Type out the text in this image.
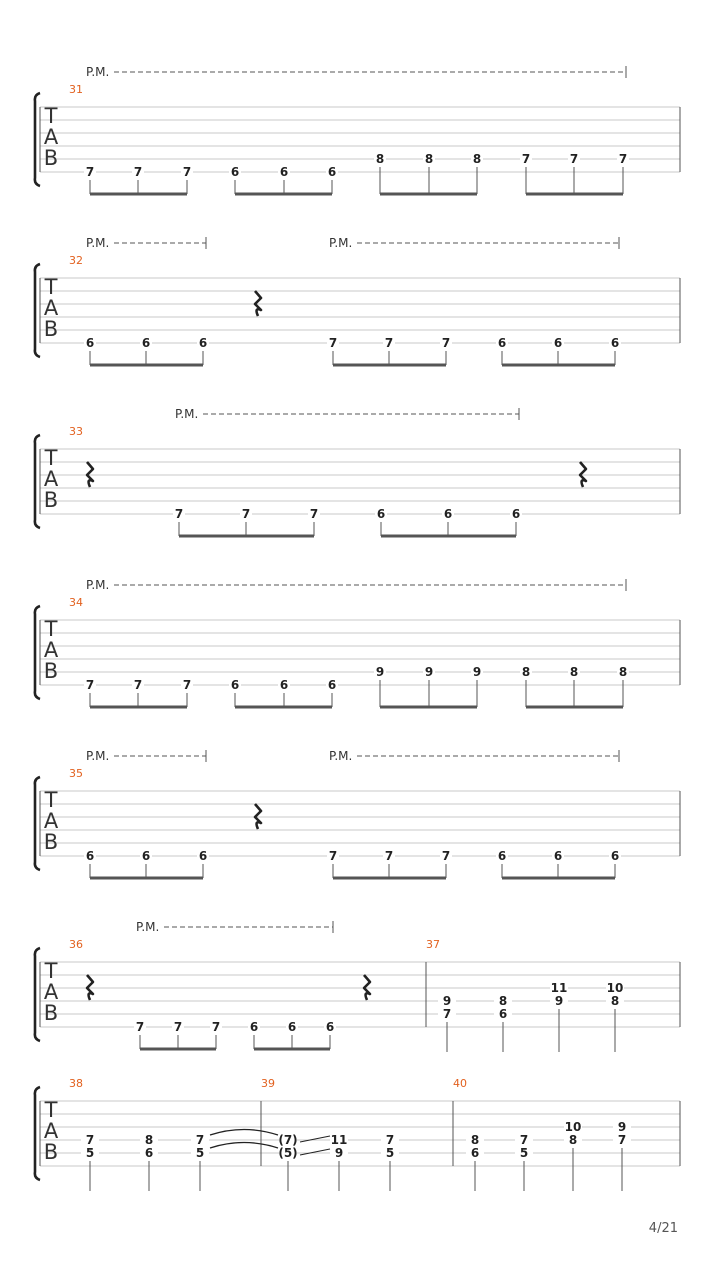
T
A
B
P.M.
31
7	7	7	6	6	6
8	8	8	7	7	7
T
A
B
P.M.	P.M.
32
6	6	6	7	7	7	6	6	6
T
A
B
P.M.
33
7	7	7	6	6	6
T
A
B
P.M.
34
7	7	7	6	6	6
9	9	9	8	8	8
T
A
B
P.M.	P.M.
35
6	6	6	7	7	7	6	6	6
T
A
B
P.M.
36
7 7 7 6 6 6
37
9
7
8
6
11
9
10
8
T
A
B
38
7
5
8
6
7
5
39
(7)
(5)
11
9
7
5
40
8
6
7
5
10
8
9
7
4/21
